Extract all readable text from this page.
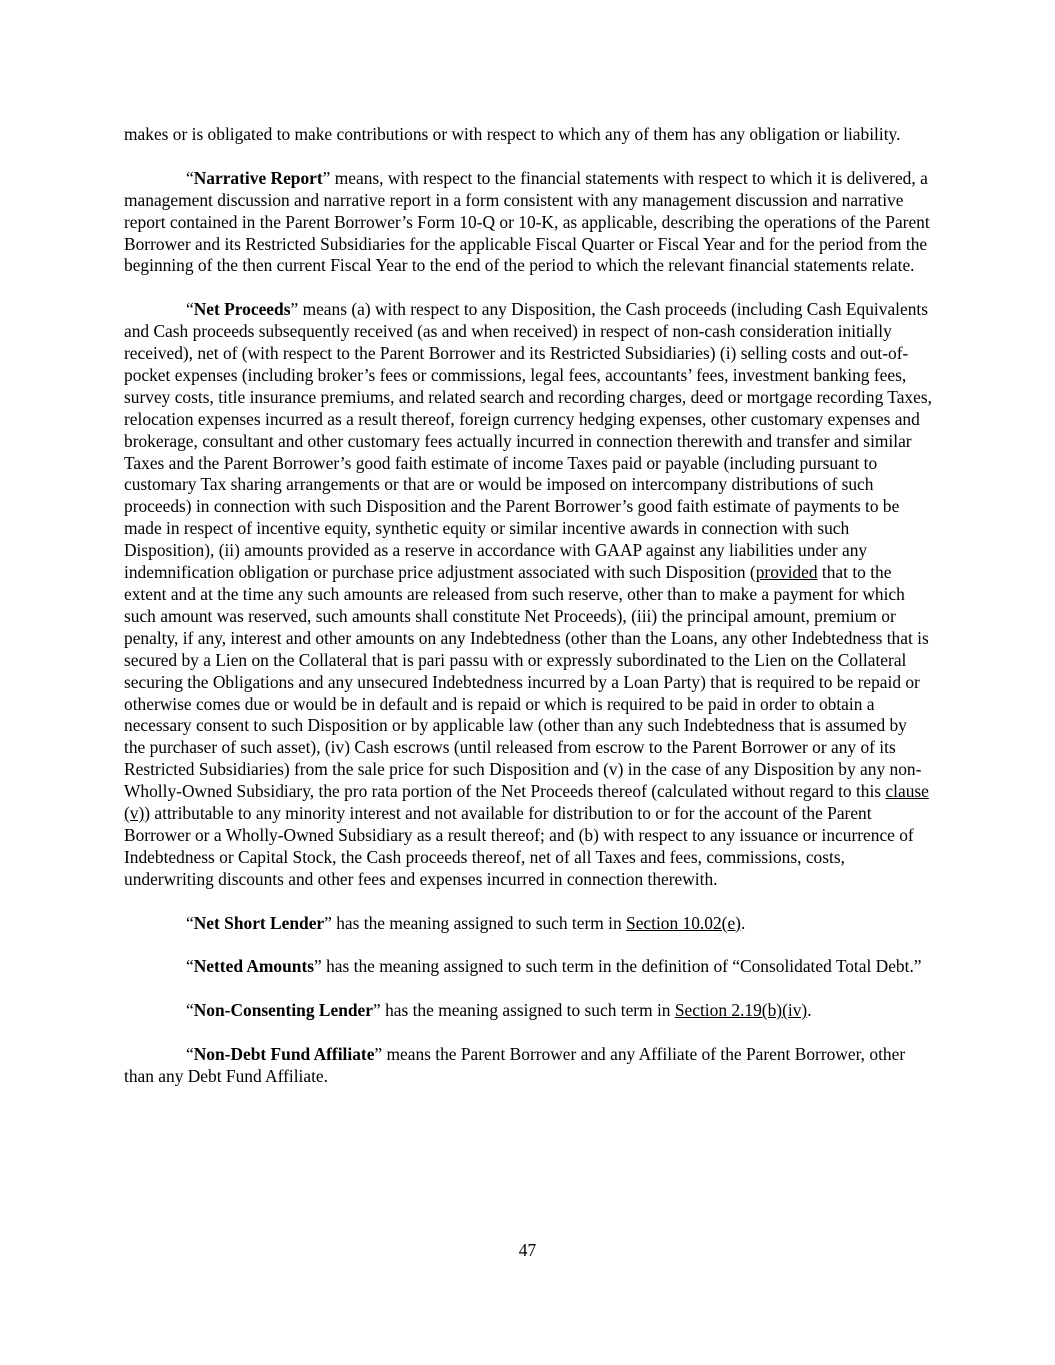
makes or is obligated to make contributions or with respect to which any of them has any obligation or liability.

“Narrative Report” means, with respect to the financial statements with respect to which it is delivered, a management discussion and narrative report in a form consistent with any management discussion and narrative report contained in the Parent Borrower’s Form 10-Q or 10-K, as applicable, describing the operations of the Parent Borrower and its Restricted Subsidiaries for the applicable Fiscal Quarter or Fiscal Year and for the period from the beginning of the then current Fiscal Year to the end of the period to which the relevant financial statements relate.

“Net Proceeds” means (a) with respect to any Disposition, the Cash proceeds (including Cash Equivalents and Cash proceeds subsequently received (as and when received) in respect of non-cash consideration initially received), net of (with respect to the Parent Borrower and its Restricted Subsidiaries) (i) selling costs and out-of-pocket expenses (including broker’s fees or commissions, legal fees, accountants’ fees, investment banking fees, survey costs, title insurance premiums, and related search and recording charges, deed or mortgage recording Taxes, relocation expenses incurred as a result thereof, foreign currency hedging expenses, other customary expenses and brokerage, consultant and other customary fees actually incurred in connection therewith and transfer and similar Taxes and the Parent Borrower’s good faith estimate of income Taxes paid or payable (including pursuant to customary Tax sharing arrangements or that are or would be imposed on intercompany distributions of such proceeds) in connection with such Disposition and the Parent Borrower’s good faith estimate of payments to be made in respect of incentive equity, synthetic equity or similar incentive awards in connection with such Disposition), (ii) amounts provided as a reserve in accordance with GAAP against any liabilities under any indemnification obligation or purchase price adjustment associated with such Disposition (provided that to the extent and at the time any such amounts are released from such reserve, other than to make a payment for which such amount was reserved, such amounts shall constitute Net Proceeds), (iii) the principal amount, premium or penalty, if any, interest and other amounts on any Indebtedness (other than the Loans, any other Indebtedness that is secured by a Lien on the Collateral that is pari passu with or expressly subordinated to the Lien on the Collateral securing the Obligations and any unsecured Indebtedness incurred by a Loan Party) that is required to be repaid or otherwise comes due or would be in default and is repaid or which is required to be paid in order to obtain a necessary consent to such Disposition or by applicable law (other than any such Indebtedness that is assumed by the purchaser of such asset), (iv) Cash escrows (until released from escrow to the Parent Borrower or any of its Restricted Subsidiaries) from the sale price for such Disposition and (v) in the case of any Disposition by any non-Wholly-Owned Subsidiary, the pro rata portion of the Net Proceeds thereof (calculated without regard to this clause (v)) attributable to any minority interest and not available for distribution to or for the account of the Parent Borrower or a Wholly-Owned Subsidiary as a result thereof; and (b) with respect to any issuance or incurrence of Indebtedness or Capital Stock, the Cash proceeds thereof, net of all Taxes and fees, commissions, costs, underwriting discounts and other fees and expenses incurred in connection therewith.

“Net Short Lender” has the meaning assigned to such term in Section 10.02(e).

“Netted Amounts” has the meaning assigned to such term in the definition of “Consolidated Total Debt.”

“Non-Consenting Lender” has the meaning assigned to such term in Section 2.19(b)(iv).

“Non-Debt Fund Affiliate” means the Parent Borrower and any Affiliate of the Parent Borrower, other than any Debt Fund Affiliate.

47
